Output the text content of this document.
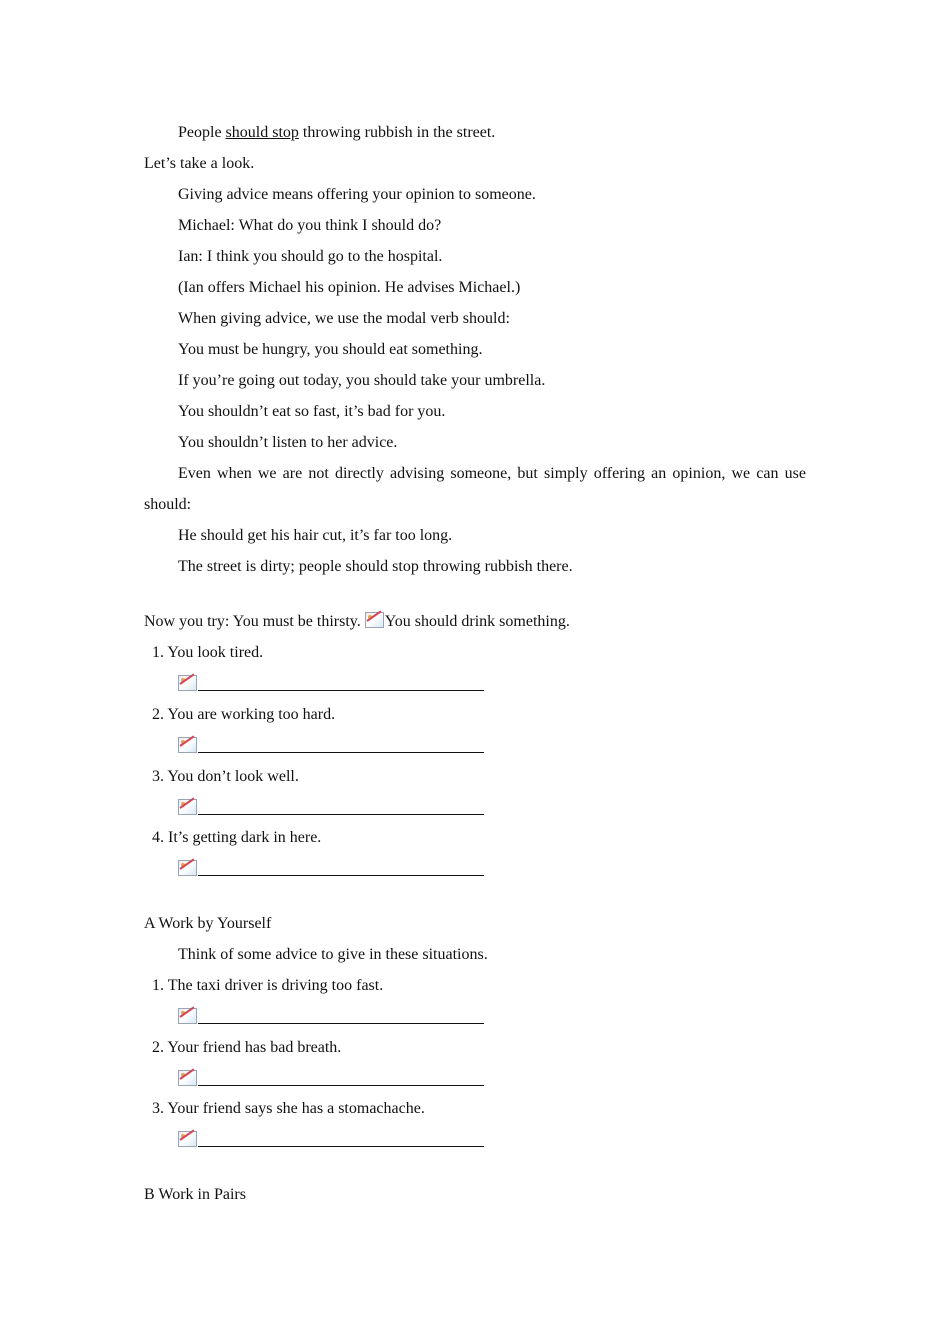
People should stop throwing rubbish in the street.
Let’s take a look.
Giving advice means offering your opinion to someone.
Michael: What do you think I should do?
Ian: I think you should go to the hospital.
(Ian offers Michael his opinion. He advises Michael.)
When giving advice, we use the modal verb should:
You must be hungry, you should eat something.
If you’re going out today, you should take your umbrella.
You shouldn’t eat so fast, it’s bad for you.
You shouldn’t listen to her advice.
Even when we are not directly advising someone, but simply offering an opinion, we can use
should:
He should get his hair cut, it’s far too long.
The street is dirty; people should stop throwing rubbish there.
Now you try: You must be thirsty. You should drink something.
1. You look tired.
2. You are working too hard.
3. You don’t look well.
4. It’s getting dark in here.
A Work by Yourself
Think of some advice to give in these situations.
1. The taxi driver is driving too fast.
2. Your friend has bad breath.
3. Your friend says she has a stomachache.
B Work in Pairs
